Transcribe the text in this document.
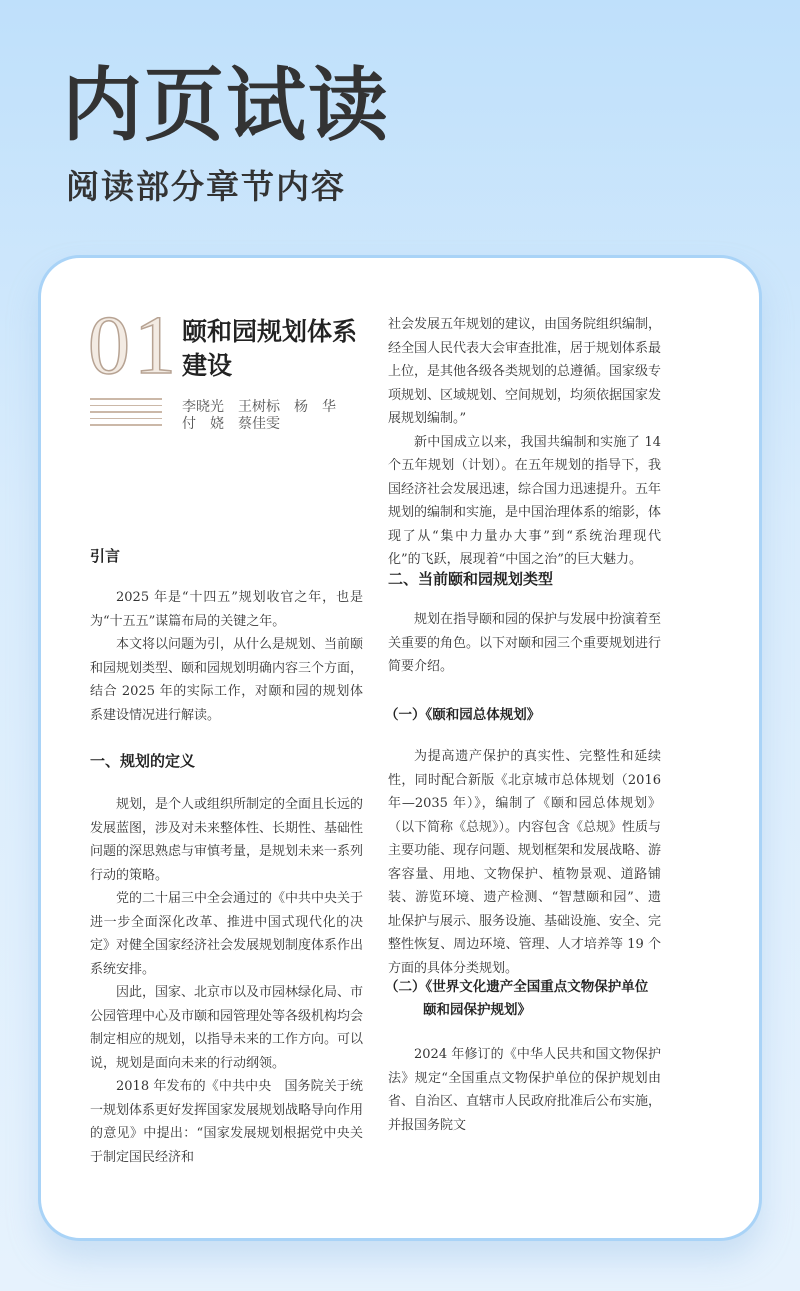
内页试读
阅读部分章节内容
01 颐和园规划体系建设
李晓光　王树标　杨　华
付　娆　蔡佳雯
引言

2025 年是“十四五”规划收官之年，也是为“十五五”谋篇布局的关键之年。

本文将以问题为引，从什么是规划、当前颐和园规划类型、颐和园规划明确内容三个方面，结合 2025 年的实际工作，对颐和园的规划体系建设情况进行解读。

一、规划的定义

规划，是个人或组织所制定的全面且长远的发展蓝图，涉及对未来整体性、长期性、基础性问题的深思熟虑与审慎考量，是规划未来一系列行动的策略。

党的二十届三中全会通过的《中共中央关于进一步全面深化改革、推进中国式现代化的决定》对健全国家经济社会发展规划制度体系作出系统安排。

因此，国家、北京市以及市园林绿化局、市公园管理中心及市颐和园管理处等各级机构均会制定相应的规划，以指导未来的工作方向。可以说，规划是面向未来的行动纲领。

2018 年发布的《中共中央　国务院关于统一规划体系更好发挥国家发展规划战略导向作用的意见》中提出：“国家发展规划根据党中央关于制定国民经济和

社会发展五年规划的建议，由国务院组织编制，经全国人民代表大会审查批准，居于规划体系最上位，是其他各级各类规划的总遵循。国家级专项规划、区域规划、空间规划，均须依据国家发展规划编制。”

新中国成立以来，我国共编制和实施了 14 个五年规划（计划）。在五年规划的指导下，我国经济社会发展迅速，综合国力迅速提升。五年规划的编制和实施，是中国治理体系的缩影，体现了从“集中力量办大事”到“系统治理现代化”的飞跃，展现着“中国之治”的巨大魅力。

二、当前颐和园规划类型

规划在指导颐和园的保护与发展中扮演着至关重要的角色。以下对颐和园三个重要规划进行简要介绍。

（一）《颐和园总体规划》

为提高遗产保护的真实性、完整性和延续性，同时配合新版《北京城市总体规划（2016 年—2035 年）》，编制了《颐和园总体规划》（以下简称《总规》）。内容包含《总规》性质与主要功能、现存问题、规划框架和发展战略、游客容量、用地、文物保护、植物景观、道路铺装、游览环境、遗产检测、“智慧颐和园”、遗址保护与展示、服务设施、基础设施、安全、完整性恢复、周边环境、管理、人才培养等 19 个方面的具体分类规划。

（二）《世界文化遗产全国重点文物保护单位
颐和园保护规划》

2024 年修订的《中华人民共和国文物保护法》规定“全国重点文物保护单位的保护规划由省、自治区、直辖市人民政府批准后公布实施，并报国务院文
